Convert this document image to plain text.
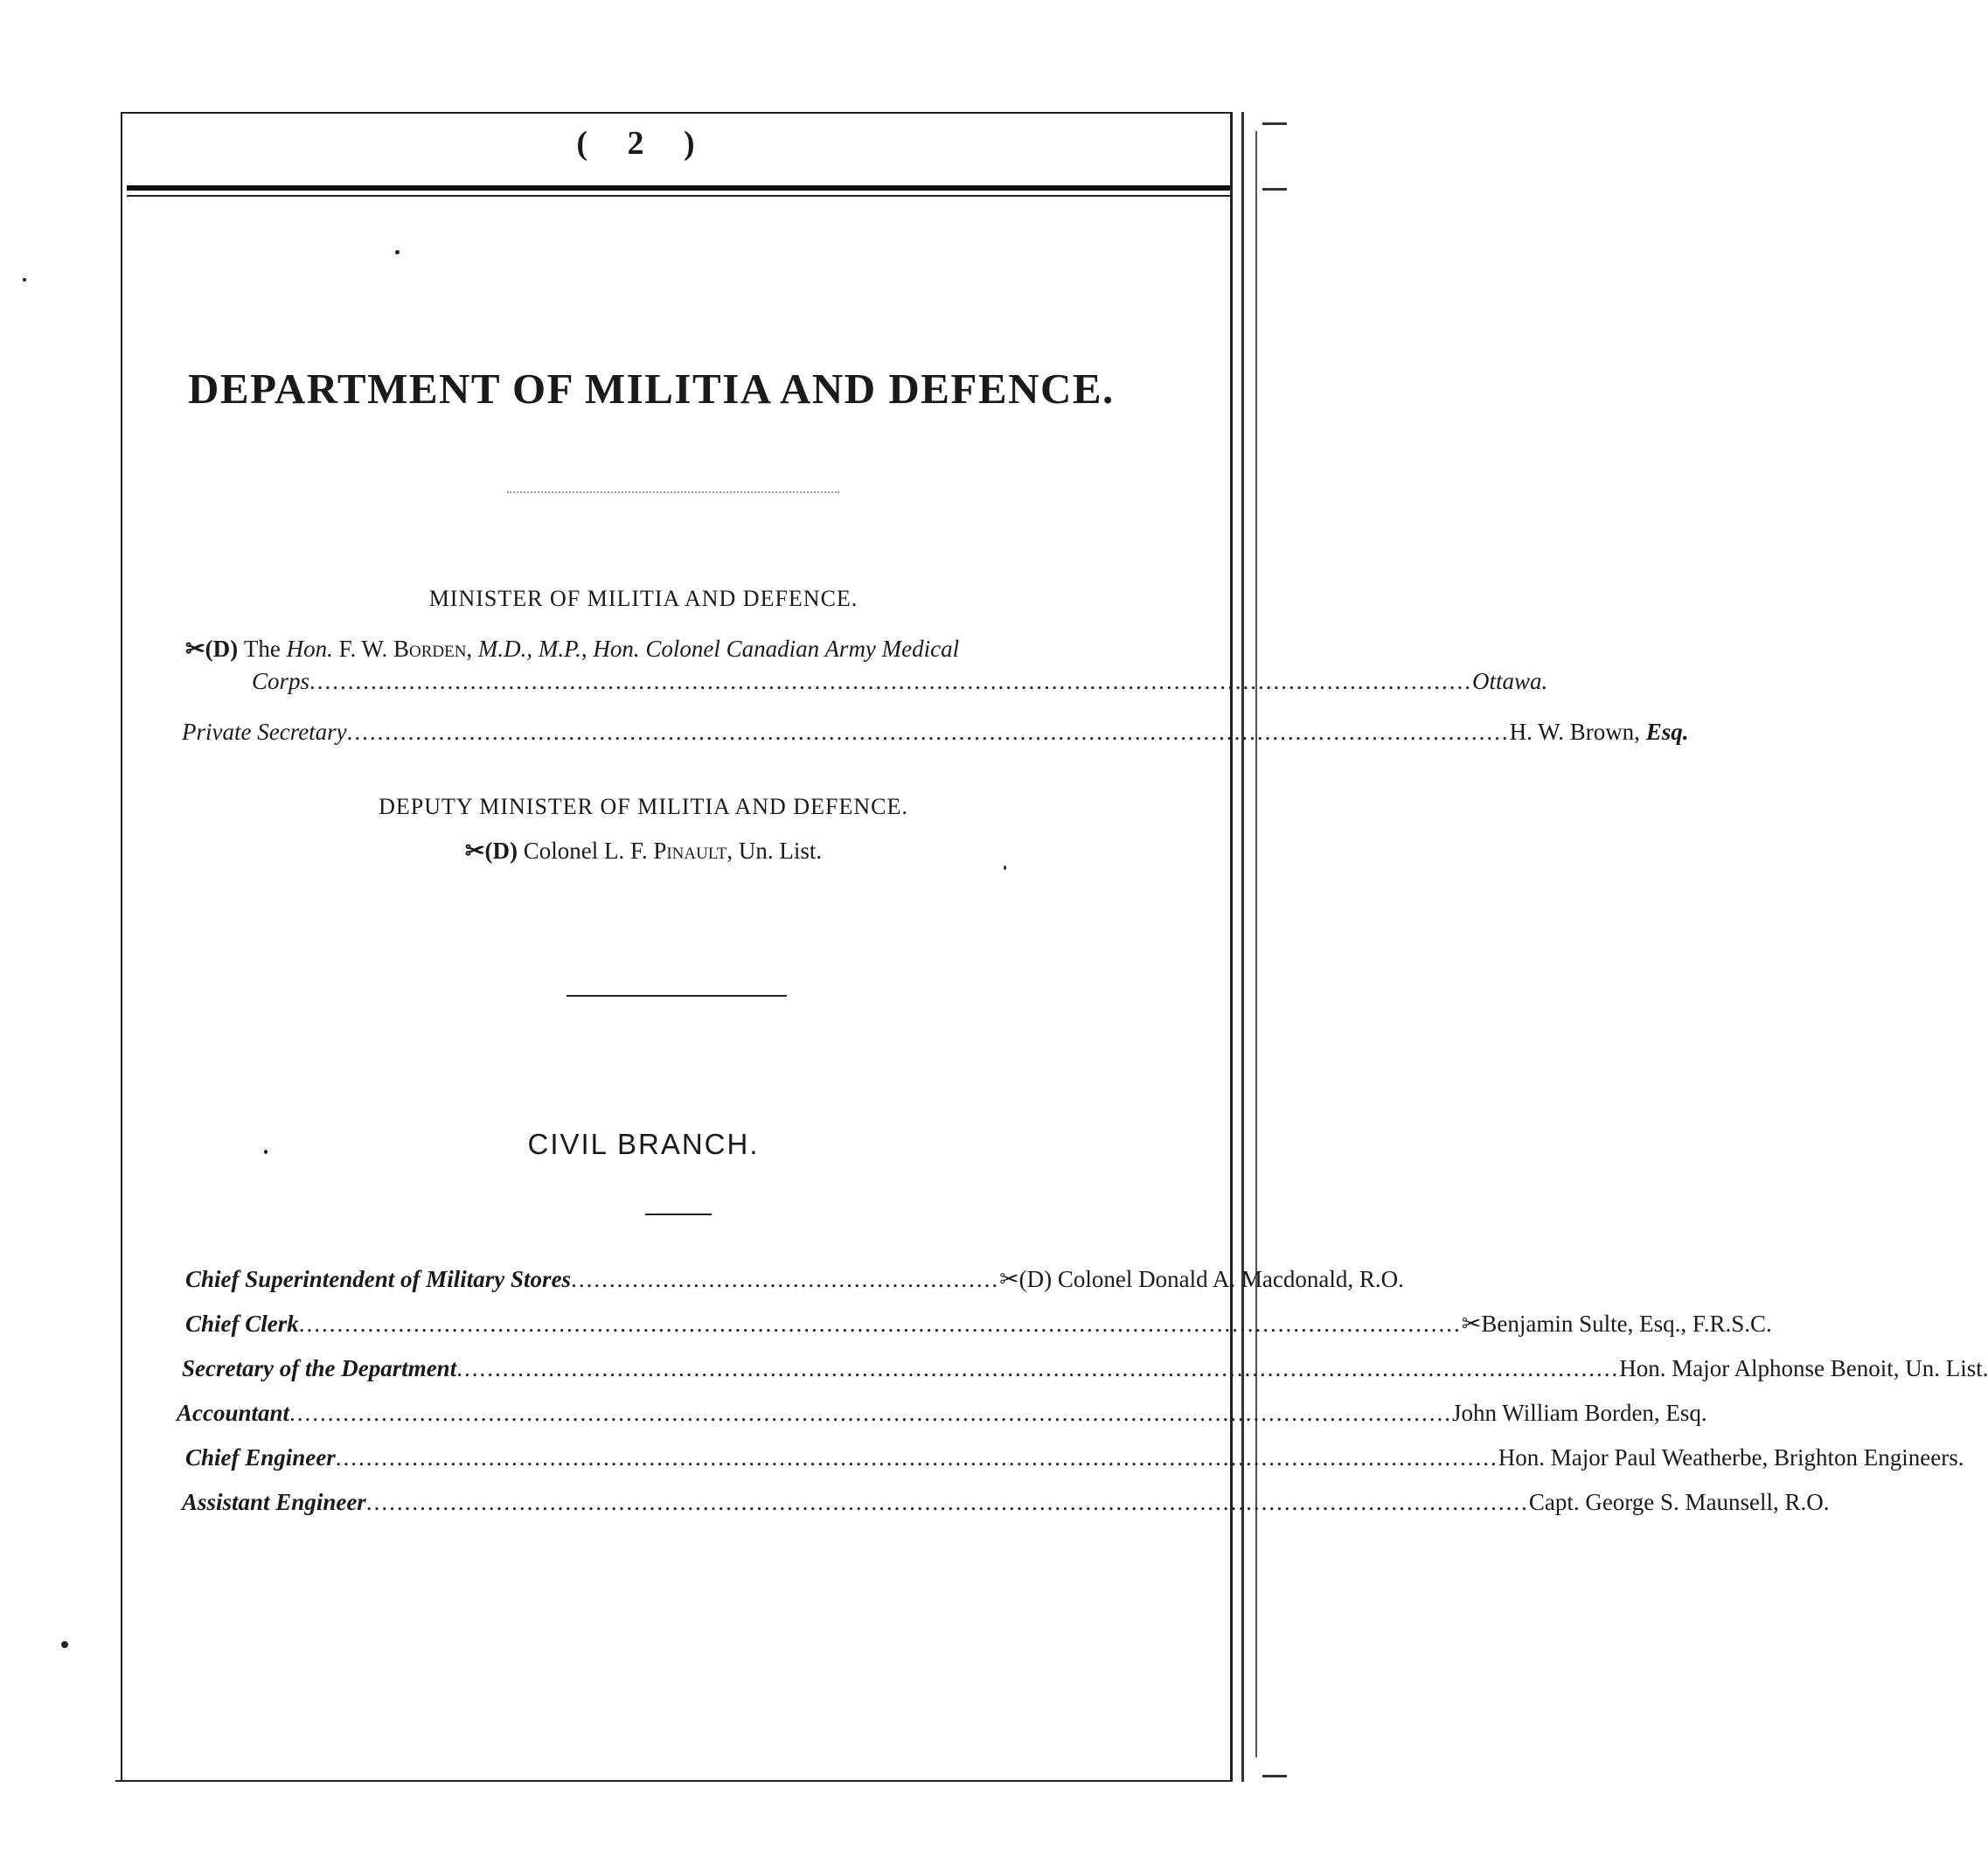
( 2 )
DEPARTMENT OF MILITIA AND DEFENCE.
MINISTER OF MILITIA AND DEFENCE.
✂(D)
The
Hon.
F. W. Borden,
M.D., M.P.,
Hon. Colonel Canadian Army Medical
Corps ........................................................................................................................................................ Ottawa.
Private Secretary ........................................................................................................................................................ H. W. Brown,
Esq.
DEPUTY MINISTER OF MILITIA AND DEFENCE.
✂(D) Colonel L. F. Pinault, Un. List.
CIVIL BRANCH.
Chief Superintendent of Military Stores ........................................................ ✂(D) Colonel Donald A. Macdonald, R.O.
Chief Clerk ........................................................................................................................................................ ✂Benjamin Sulte, Esq., F.R.S.C.
Secretary of the Department ........................................................................................................................................................ Hon. Major Alphonse Benoit, Un. List.
Accountant ........................................................................................................................................................ John William Borden, Esq.
Chief Engineer ........................................................................................................................................................ Hon. Major Paul Weatherbe, Brighton Engineers.
Assistant Engineer ........................................................................................................................................................ Capt. George S. Maunsell, R.O.
